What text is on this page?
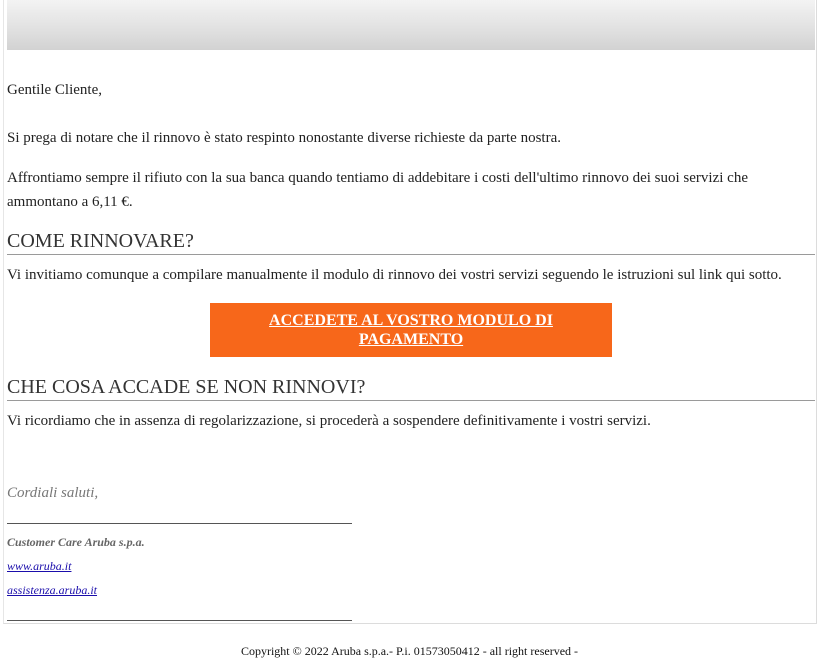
Gentile Cliente,
Si prega di notare che il rinnovo è stato respinto nonostante diverse richieste da parte nostra.
Affrontiamo sempre il rifiuto con la sua banca quando tentiamo di addebitare i costi dell'ultimo rinnovo dei suoi servizi che
ammontano a 6,11 €.
COME RINNOVARE?
Vi invitiamo comunque a compilare manualmente il modulo di rinnovo dei vostri servizi seguendo le istruzioni sul link qui sotto.
ACCEDETE AL VOSTRO MODULO DI PAGAMENTO
CHE COSA ACCADE SE NON RINNOVI?
Vi ricordiamo che in assenza di regolarizzazione, si procederà a sospendere definitivamente i vostri servizi.
Cordiali saluti,
Customer Care Aruba s.p.a.
www.aruba.it
assistenza.aruba.it
Copyright © 2022 Aruba s.p.a.- P.i. 01573050412 - all right reserved -
